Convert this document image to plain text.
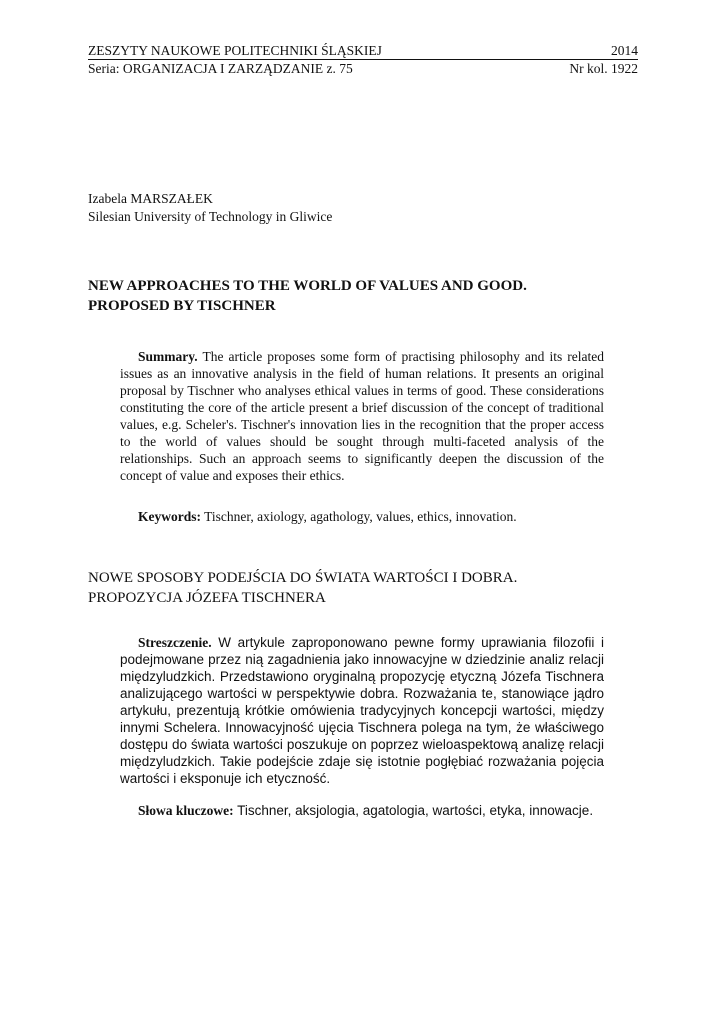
ZESZYTY NAUKOWE POLITECHNIKI ŚLĄSKIEJ	2014
Seria: ORGANIZACJA I ZARZĄDZANIE z. 75	Nr kol. 1922
Izabela MARSZAŁEK
Silesian University of Technology in Gliwice
NEW APPROACHES TO THE WORLD OF VALUES AND GOOD.
PROPOSED BY TISCHNER

Summary. The article proposes some form of practising philosophy and its related issues as an innovative analysis in the field of human relations. It presents an original proposal by Tischner who analyses ethical values in terms of good. These considerations constituting the core of the article present a brief discussion of the concept of traditional values, e.g. Scheler's. Tischner's innovation lies in the recognition that the proper access to the world of values should be sought through multi-faceted analysis of the relationships. Such an approach seems to significantly deepen the discussion of the concept of value and exposes their ethics.

Keywords: Tischner, axiology, agathology, values, ethics, innovation.

NOWE SPOSOBY PODEJŚCIA DO ŚWIATA WARTOŚCI I DOBRA.
PROPOZYCJA JÓZEFA TISCHNERA

Streszczenie. W artykule zaproponowano pewne formy uprawiania filozofii i podejmowane przez nią zagadnienia jako innowacyjne w dziedzinie analiz relacji międzyludzkich. Przedstawiono oryginalną propozycję etyczną Józefa Tischnera analizującego wartości w perspektywie dobra. Rozważania te, stanowiące jądro artykułu, prezentują krótkie omówienia tradycyjnych koncepcji wartości, między innymi Schelera. Innowacyjność ujęcia Tischnera polega na tym, że właściwego dostępu do świata wartości poszukuje on poprzez wieloaspektową analizę relacji międzyludzkich. Takie podejście zdaje się istotnie pogłębiać rozważania pojęcia wartości i eksponuje ich etyczność.

Słowa kluczowe: Tischner, aksjologia, agatologia, wartości, etyka, innowacje.
